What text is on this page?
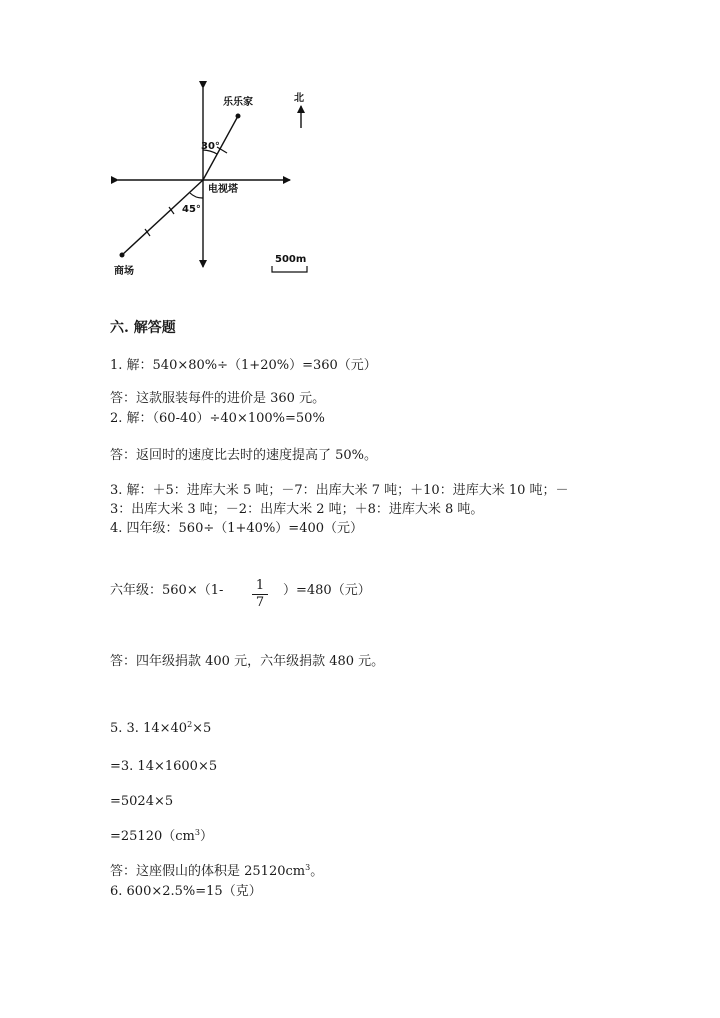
乐乐家
30°
电视塔
45°
商场
北
500m
六. 解答题
1. 解：540×80%÷（1+20%）=360（元）
答：这款服装每件的进价是 360 元。
2. 解：（60-40）÷40×100%=50%
答：返回时的速度比去时的速度提高了 50%。
3. 解：＋5：进库大米 5 吨；－7：出库大米 7 吨；＋10：进库大米 10 吨；－
3：出库大米 3 吨；－2：出库大米 2 吨；＋8：进库大米 8 吨。
4. 四年级：560÷（1+40%）=400（元）
六年级：560×（1-	1
7
）=480（元）
答：四年级捐款 400 元，六年级捐款 480 元。
5. 3. $14\times 40^2\times 5$
=3. 14×1600×5
=5024×5
$=25120(cm^3)$
答：这座假山的体积是 $25120cm^3$。
6. 600×2.5%=15（克）
